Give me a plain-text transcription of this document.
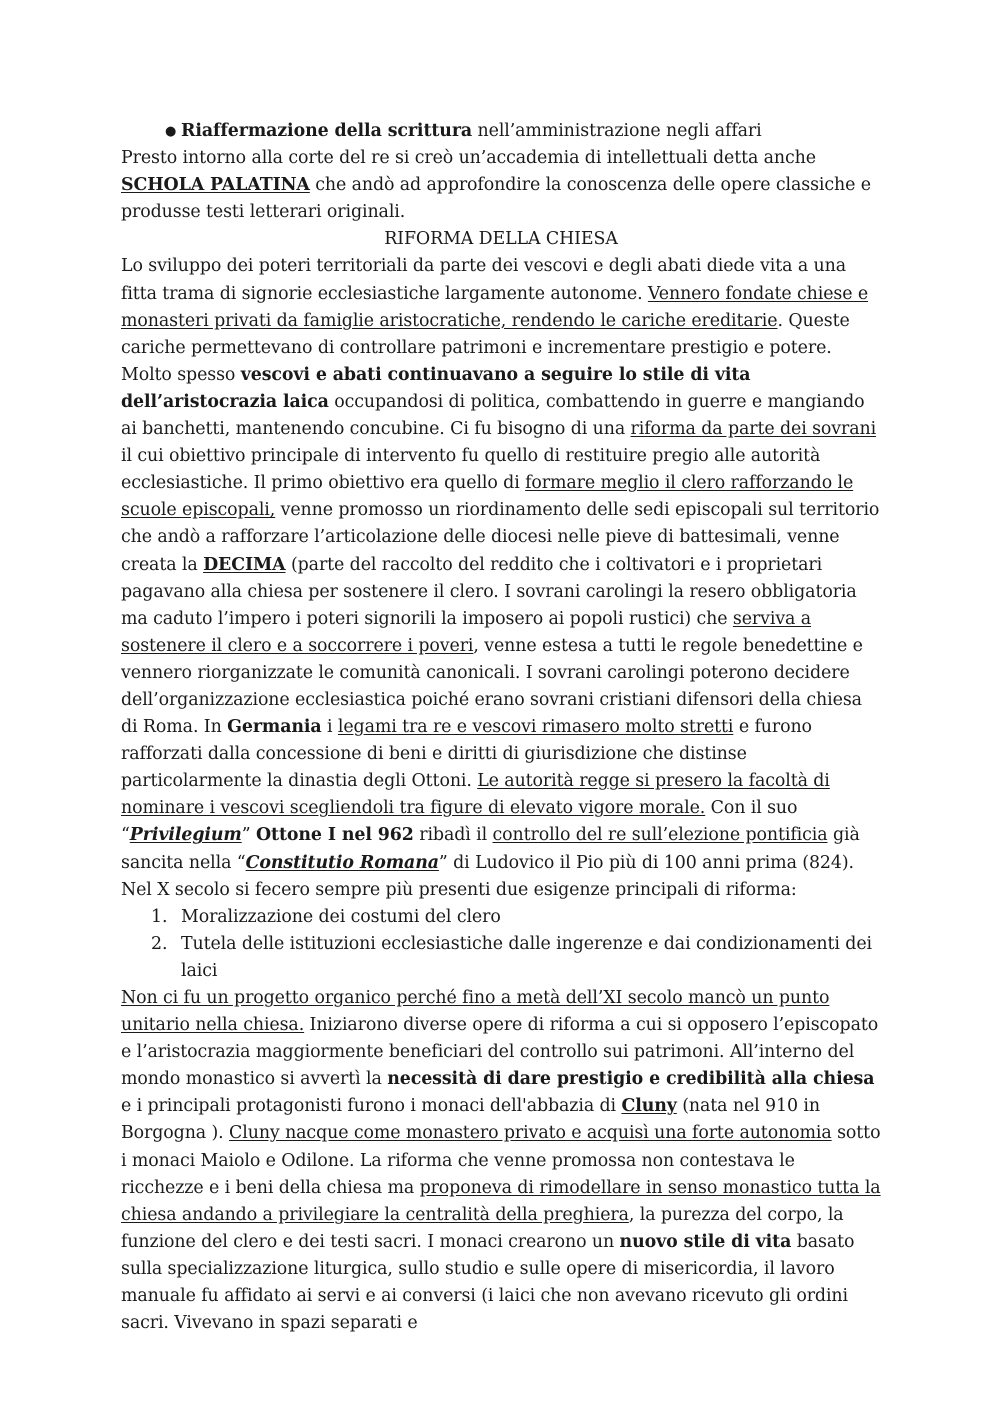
● Riaffermazione della scrittura nell’amministrazione negli affari

Presto intorno alla corte del re si creò un’accademia di intellettuali detta anche SCHOLA PALATINA che andò ad approfondire la conoscenza delle opere classiche e produsse testi letterari originali.

RIFORMA DELLA CHIESA

Lo sviluppo dei poteri territoriali da parte dei vescovi e degli abati diede vita a una fitta trama di signorie ecclesiastiche largamente autonome. Vennero fondate chiese e monasteri privati da famiglie aristocratiche, rendendo le cariche ereditarie. Queste cariche permettevano di controllare patrimoni e incrementare prestigio e potere. Molto spesso vescovi e abati continuavano a seguire lo stile di vita dell’aristocrazia laica occupandosi di politica, combattendo in guerre e mangiando ai banchetti, mantenendo concubine. Ci fu bisogno di una riforma da parte dei sovrani il cui obiettivo principale di intervento fu quello di restituire pregio alle autorità ecclesiastiche. Il primo obiettivo era quello di formare meglio il clero rafforzando le scuole episcopali, venne promosso un riordinamento delle sedi episcopali sul territorio che andò a rafforzare l’articolazione delle diocesi nelle pieve di battesimali, venne creata la DECIMA (parte del raccolto del reddito che i coltivatori e i proprietari pagavano alla chiesa per sostenere il clero. I sovrani carolingi la resero obbligatoria ma caduto l’impero i poteri signorili la imposero ai popoli rustici) che serviva a sostenere il clero e a soccorrere i poveri, venne estesa a tutti le regole benedettine e vennero riorganizzate le comunità canonicali. I sovrani carolingi poterono decidere dell’organizzazione ecclesiastica poiché erano sovrani cristiani difensori della chiesa di Roma. In Germania i legami tra re e vescovi rimasero molto stretti e furono rafforzati dalla concessione di beni e diritti di giurisdizione che distinse particolarmente la dinastia degli Ottoni. Le autorità regge si presero la facoltà di nominare i vescovi scegliendoli tra figure di elevato vigore morale. Con il suo “Privilegium” Ottone I nel 962 ribadì il controllo del re sull’elezione pontificia già sancita nella “Constitutio Romana” di Ludovico il Pio più di 100 anni prima (824).

Nel X secolo si fecero sempre più presenti due esigenze principali di riforma:

1. Moralizzazione dei costumi del clero
2. Tutela delle istituzioni ecclesiastiche dalle ingerenze e dai condizionamenti dei laici

Non ci fu un progetto organico perché fino a metà dell’XI secolo mancò un punto unitario nella chiesa. Iniziarono diverse opere di riforma a cui si opposero l’episcopato e l’aristocrazia maggiormente beneficiari del controllo sui patrimoni. All’interno del mondo monastico si avvertì la necessità di dare prestigio e credibilità alla chiesa e i principali protagonisti furono i monaci dell'abbazia di Cluny (nata nel 910 in Borgogna ). Cluny nacque come monastero privato e acquisì una forte autonomia sotto i monaci Maiolo e Odilone. La riforma che venne promossa non contestava le ricchezze e i beni della chiesa ma proponeva di rimodellare in senso monastico tutta la chiesa andando a privilegiare la centralità della preghiera, la purezza del corpo, la funzione del clero e dei testi sacri. I monaci crearono un nuovo stile di vita basato sulla specializzazione liturgica, sullo studio e sulle opere di misericordia, il lavoro manuale fu affidato ai servi e ai conversi (i laici che non avevano ricevuto gli ordini sacri. Vivevano in spazi separati e
